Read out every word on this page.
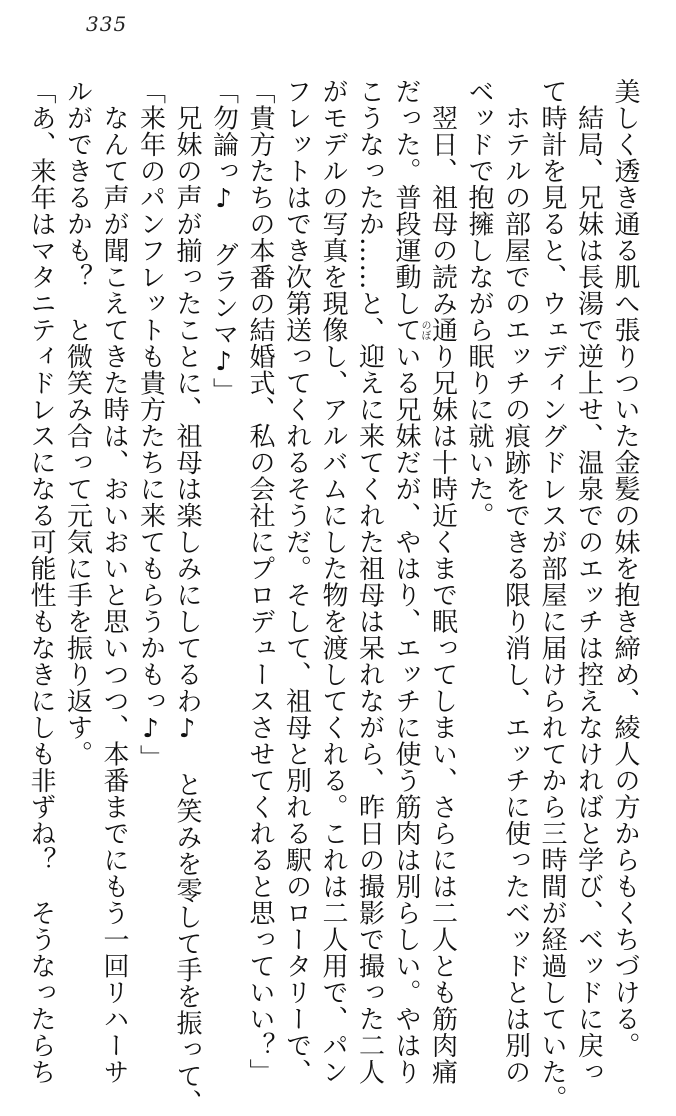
335
美しく透き通る肌へ張りついた金髪の妹を抱き締め、綾人の方からもくちづける。
　結局、兄妹は長湯で逆上せ、温泉でのエッチは控えなければと学び、ベッドに戻っ
て時計を見ると、ウェディングドレスが部屋に届けられてから三時間が経過していた。
　ホテルの部屋でのエッチの痕跡をできる限り消し、エッチに使ったベッドとは別の
ベッドで抱擁しながら眠りに就いた。
　翌日、祖母の読み通り兄妹は十時近くまで眠ってしまい、さらには二人とも筋肉痛
だった。普段運動している兄妹だが、やはり、エッチに使う筋肉は別らしい。やはり
こうなったか……と、迎えに来てくれた祖母は呆れながら、昨日の撮影で撮った二人
がモデルの写真を現像し、アルバムにした物を渡してくれる。これは二人用で、パン
フレットはでき次第送ってくれるそうだ。そして、祖母と別れる駅のロータリーで、
「貴方たちの本番の結婚式、私の会社にプロデュースさせてくれると思っていい？」
「勿論っ♪　グランマ♪」
　兄妹の声が揃ったことに、祖母は楽しみにしてるわ♪　と笑みを零して手を振って、
「来年のパンフレットも貴方たちに来てもらうかもっ♪」
　なんて声が聞こえてきた時は、おいおいと思いつつ、本番までにもう一回リハーサ
ルができるかも？　と微笑み合って元気に手を振り返す。
「あ、来年はマタニティドレスになる可能性もなきにしも非ずね？　そうなったらち	のぼ
